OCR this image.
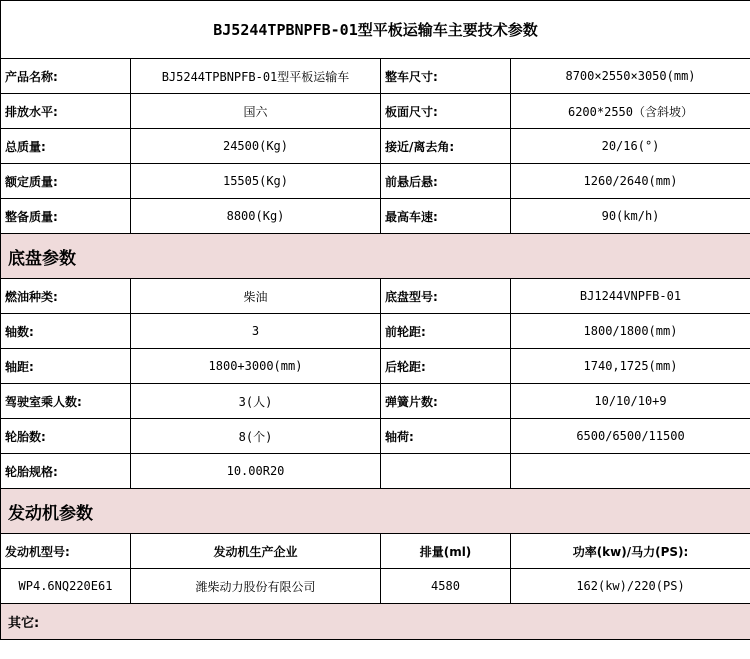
BJ5244TPBNPFB-01型平板运输车主要技术参数			
产品名称:	BJ5244TPBNPFB-01型平板运输车	整车尺寸:	8700×2550×3050(mm)
排放水平:	国六	板面尺寸:	6200*2550（含斜坡）
总质量:	24500(Kg)	接近/离去角:	20/16(°)
额定质量:	15505(Kg)	前悬后悬:	1260/2640(mm)
整备质量:	8800(Kg)	最高车速:	90(km/h)
底盘参数			
燃油种类:	柴油	底盘型号:	BJ1244VNPFB-01
轴数:	3	前轮距:	1800/1800(mm)
轴距:	1800+3000(mm)	后轮距:	1740,1725(mm)
驾驶室乘人数:	3(人)	弹簧片数:	10/10/10+9
轮胎数:	8(个)	轴荷:	6500/6500/11500
轮胎规格:	10.00R20		
发动机参数			
发动机型号:	发动机生产企业	排量(ml)	功率(kw)/马力(PS):
WP4.6NQ220E61	潍柴动力股份有限公司	4580	162(kw)/220(PS)
其它:			
